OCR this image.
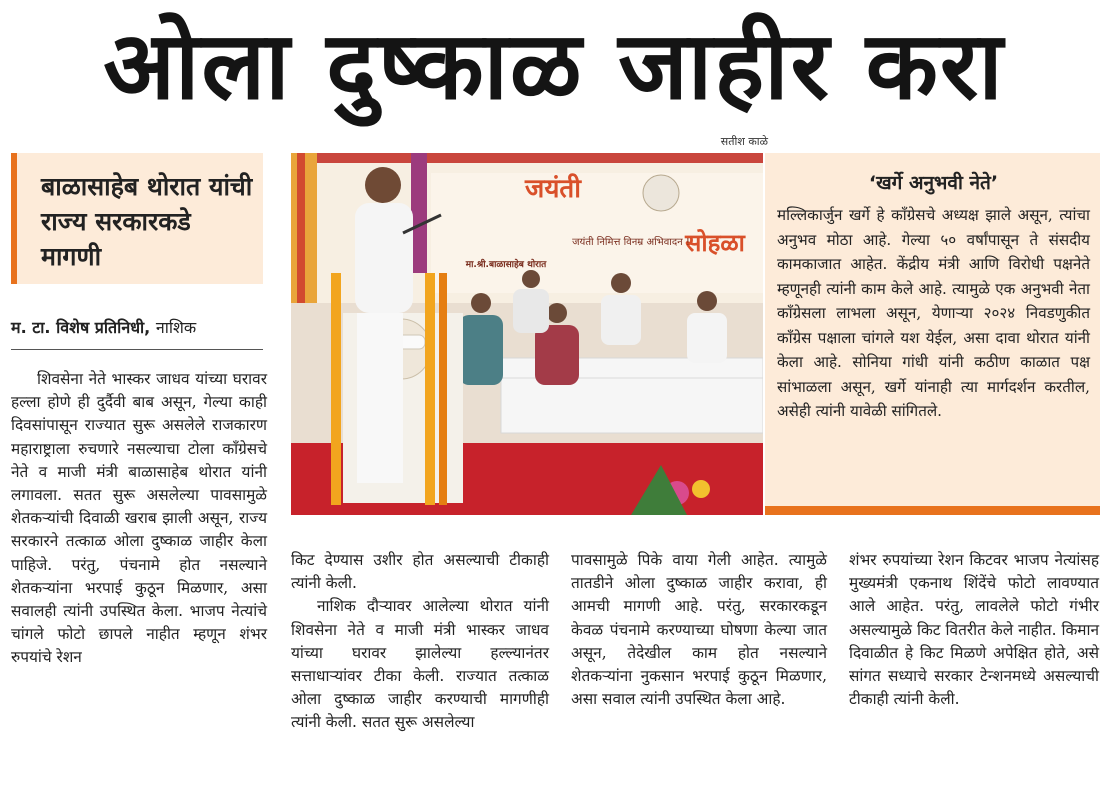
ओला दुष्काळ जाहीर करा
सतीश काळे
बाळासाहेब थोरात यांची राज्य सरकारकडे मागणी
म. टा. विशेष प्रतिनिधी, नाशिक

शिवसेना नेते भास्कर जाधव यांच्या घरावर हल्ला होणे ही दुर्दैवी बाब असून, गेल्या काही दिवसांपासून राज्यात सुरू असलेले राजकारण महाराष्ट्राला रुचणारे नसल्याचा टोला काँग्रेसचे नेते व माजी मंत्री बाळासाहेब थोरात यांनी लगावला. सतत सुरू असलेल्या पावसामुळे शेतकऱ्यांची दिवाळी खराब झाली असून, राज्य सरकारने तत्काळ ओला दुष्काळ जाहीर केला पाहिजे. परंतु, पंचनामे होत नसल्याने शेतकऱ्यांना भरपाई कुठून मिळणार, असा सवालही त्यांनी उपस्थित केला. भाजप नेत्यांचे चांगले फोटो छापले नाहीत म्हणून शंभर रुपयांचे रेशन

जयंती
सोहळा
जयंती निमित्त विनम्र अभिवादन !
मा.श्री.बाळासाहेब थोरात
‘खर्गे अनुभवी नेते’
मल्लिकार्जुन खर्गे हे काँग्रेसचे अध्यक्ष झाले असून, त्यांचा अनुभव मोठा आहे. गेल्या ५० वर्षांपासून ते संसदीय कामकाजात आहेत. केंद्रीय मंत्री आणि विरोधी पक्षनेते म्हणूनही त्यांनी काम केले आहे. त्यामुळे एक अनुभवी नेता काँग्रेसला लाभला असून, येणाऱ्या २०२४ निवडणुकीत काँग्रेस पक्षाला चांगले यश येईल, असा दावा थोरात यांनी केला आहे. सोनिया गांधी यांनी कठीण काळात पक्ष सांभाळला असून, खर्गे यांनाही त्या मार्गदर्शन करतील, असेही त्यांनी यावेळी सांगितले.

किट देण्यास उशीर होत असल्याची टीकाही त्यांनी केली.

नाशिक दौऱ्यावर आलेल्या थोरात यांनी शिवसेना नेते व माजी मंत्री भास्कर जाधव यांच्या घरावर झालेल्या हल्ल्यानंतर सत्ताधाऱ्यांवर टीका केली. राज्यात तत्काळ ओला दुष्काळ जाहीर करण्याची मागणीही त्यांनी केली. सतत सुरू असलेल्या

पावसामुळे पिके वाया गेली आहेत. त्यामुळे तातडीने ओला दुष्काळ जाहीर करावा, ही आमची मागणी आहे. परंतु, सरकारकडून केवळ पंचनामे करण्याच्या घोषणा केल्या जात असून, तेदेखील काम होत नसल्याने शेतकऱ्यांना नुकसान भरपाई कुठून मिळणार, असा सवाल त्यांनी उपस्थित केला आहे.

शंभर रुपयांच्या रेशन किटवर भाजप नेत्यांसह मुख्यमंत्री एकनाथ शिंदेंचे फोटो लावण्यात आले आहेत. परंतु, लावलेले फोटो गंभीर असल्यामुळे किट वितरीत केले नाहीत. किमान दिवाळीत हे किट मिळणे अपेक्षित होते, असे सांगत सध्याचे सरकार टेन्शनमध्ये असल्याची टीकाही त्यांनी केली.
